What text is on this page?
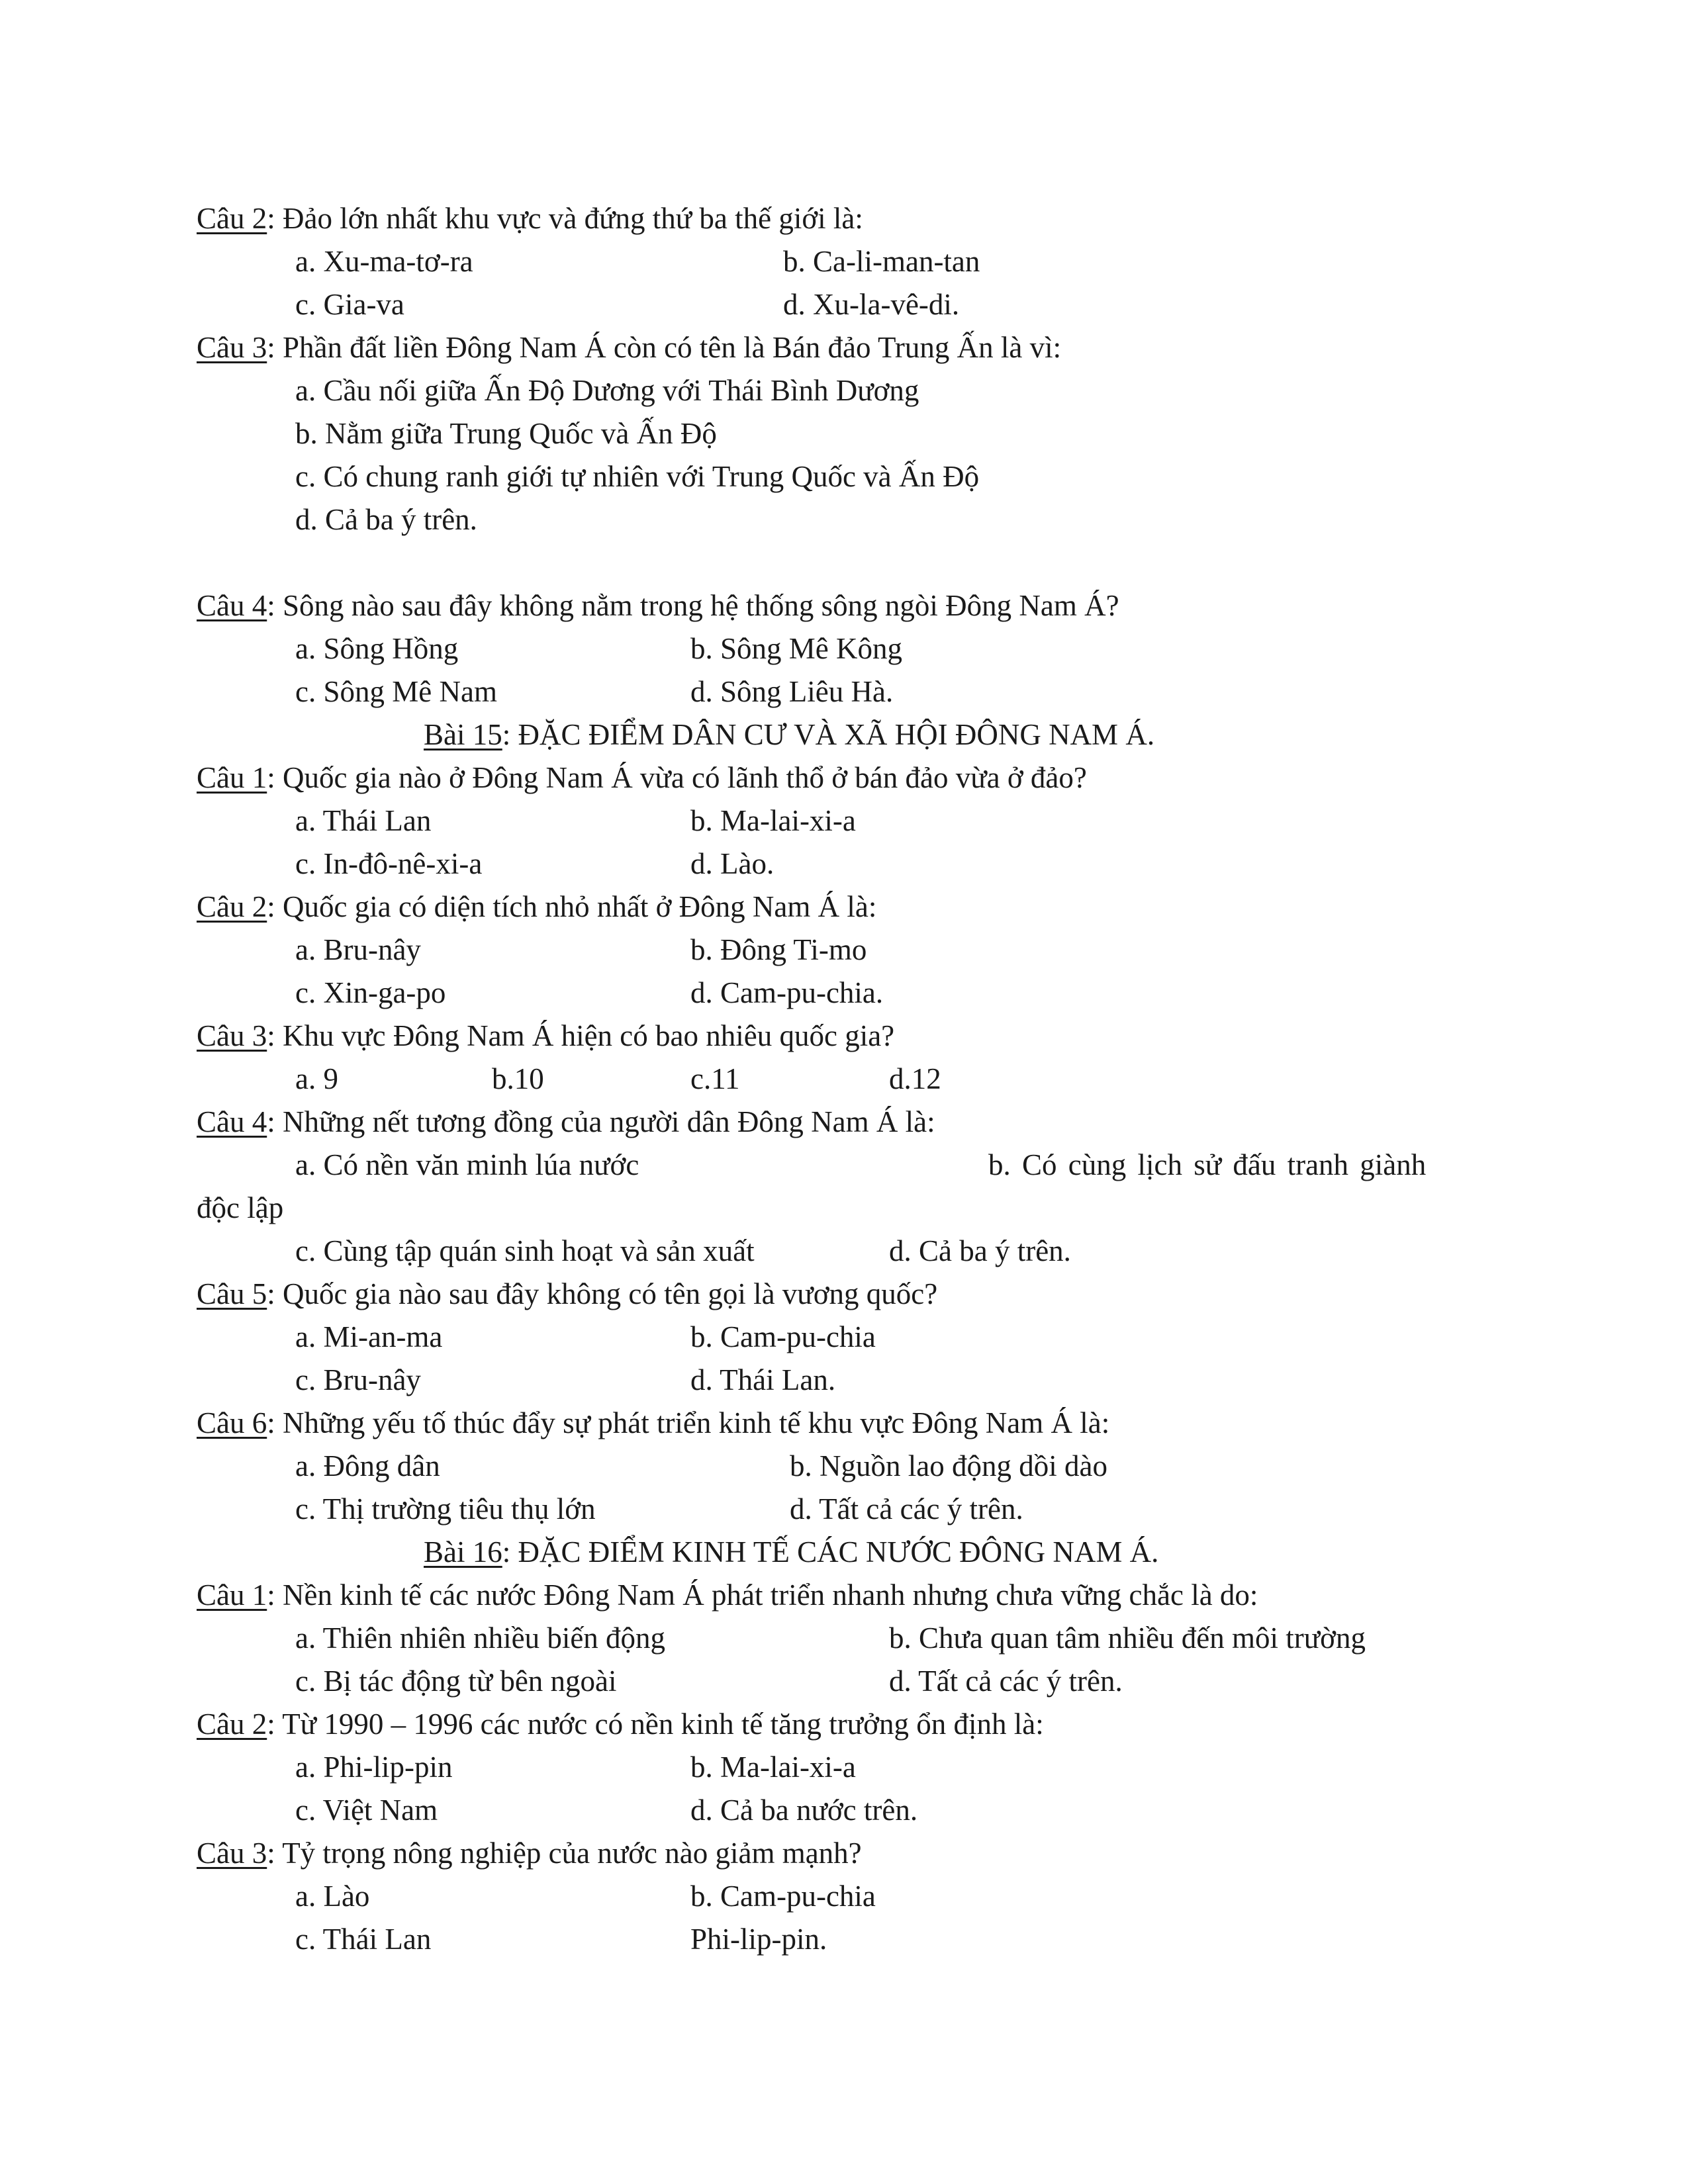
Câu 2: Đảo lớn nhất khu vực và đứng thứ ba thế giới là:
a. Xu-ma-tơ-ra	b. Ca-li-man-tan
c. Gia-va	d. Xu-la-vê-di.
Câu 3: Phần đất liền Đông Nam Á còn có tên là Bán đảo Trung Ấn là vì:
a. Cầu nối giữa Ấn Độ Dương với Thái Bình Dương
b. Nằm giữa Trung Quốc và Ấn Độ
c. Có chung ranh giới tự nhiên với Trung Quốc và Ấn Độ
d. Cả ba ý trên.
Câu 4: Sông nào sau đây không nằm trong hệ thống sông ngòi Đông Nam Á?
a. Sông Hồng	b. Sông Mê Kông
c. Sông Mê Nam	d. Sông Liêu Hà.
Bài 15: ĐẶC ĐIỂM DÂN CƯ VÀ XÃ HỘI ĐÔNG NAM Á.
Câu 1: Quốc gia nào ở Đông Nam Á vừa có lãnh thổ ở bán đảo vừa ở đảo?
a. Thái Lan	b. Ma-lai-xi-a
c. In-đô-nê-xi-a	d. Lào.
Câu 2: Quốc gia có diện tích nhỏ nhất ở Đông Nam Á là:
a. Bru-nây	b. Đông Ti-mo
c. Xin-ga-po	d. Cam-pu-chia.
Câu 3: Khu vực Đông Nam Á hiện có bao nhiêu quốc gia?
a. 9	b.10	c.11	d.12
Câu 4: Những nết tương đồng của người dân Đông Nam Á là:
a. Có nền văn minh lúa nước	b. Có cùng lịch sử đấu tranh giành
độc lập
c. Cùng tập quán sinh hoạt và sản xuất	d. Cả ba ý trên.
Câu 5: Quốc gia nào sau đây không có tên gọi là vương quốc?
a. Mi-an-ma	b. Cam-pu-chia
c. Bru-nây	d. Thái Lan.
Câu 6: Những yếu tố thúc đẩy sự phát triển kinh tế khu vực Đông Nam Á là:
a. Đông dân	b. Nguồn lao động dồi dào
c. Thị trường tiêu thụ lớn	d. Tất cả các ý trên.
Bài 16: ĐẶC ĐIỂM KINH TẾ CÁC NƯỚC ĐÔNG NAM Á.
Câu 1: Nền kinh tế các nước Đông Nam Á phát triển nhanh nhưng chưa vững chắc là do:
a. Thiên nhiên nhiều biến động	b. Chưa quan tâm nhiều đến môi trường
c. Bị tác động từ bên ngoài	d. Tất cả các ý trên.
Câu 2: Từ 1990 – 1996 các nước có nền kinh tế tăng trưởng ổn định là:
a. Phi-lip-pin	b. Ma-lai-xi-a
c. Việt Nam	d. Cả ba nước trên.
Câu 3: Tỷ trọng nông nghiệp của nước nào giảm mạnh?
a. Lào	b. Cam-pu-chia
c. Thái Lan	Phi-lip-pin.
